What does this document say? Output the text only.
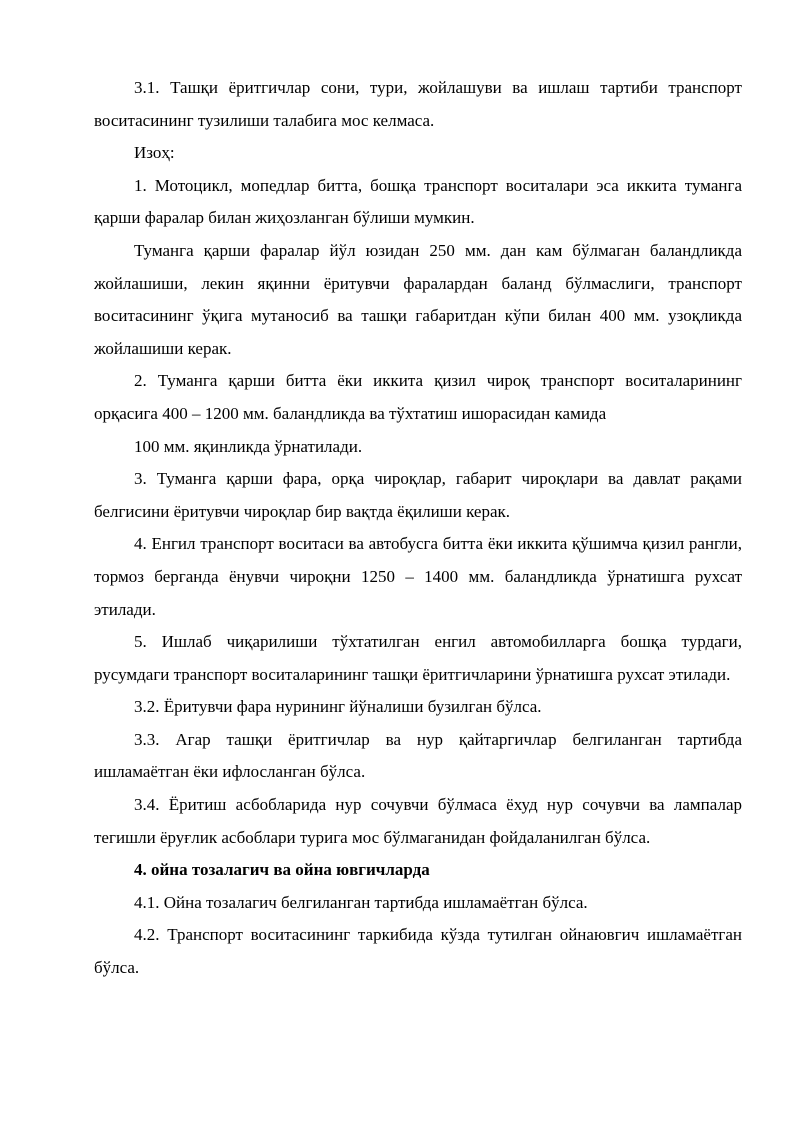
3.1. Ташқи ёритгичлар сони, тури, жойлашуви ва ишлаш тартиби транспорт воситасининг тузилиши талабига мос келмаса.

Изоҳ:

1. Мотоцикл, мопедлар битта, бошқа транспорт воситалари эса иккита туманга қарши фаралар билан жиҳозланган бўлиши мумкин.

Туманга қарши фаралар йўл юзидан 250 мм. дан кам бўлмаган баландликда жойлашиши, лекин яқинни ёритувчи фаралардан баланд бўлмаслиги, транспорт воситасининг ўқига мутаносиб ва ташқи габаритдан кўпи билан 400 мм. узоқликда жойлашиши керак.

2. Туманга қарши битта ёки иккита қизил чироқ транспорт воситаларининг орқасига 400 – 1200 мм. баландликда ва тўхтатиш ишорасидан камида

100 мм. яқинликда ўрнатилади.

3. Туманга қарши фара, орқа чироқлар, габарит чироқлари ва давлат рақами белгисини ёритувчи чироқлар бир вақтда ёқилиши керак.

4. Енгил транспорт воситаси ва автобусга битта ёки иккита қўшимча қизил рангли, тормоз берганда ёнувчи чироқни 1250 – 1400 мм. баландликда ўрнатишга рухсат этилади.

5. Ишлаб чиқарилиши тўхтатилган енгил автомобилларга бошқа турдаги, русумдаги транспорт воситаларининг ташқи ёритгичларини ўрнатишга рухсат этилади.

3.2. Ёритувчи фара нурининг йўналиши бузилган бўлса.

3.3. Агар ташқи ёритгичлар ва нур қайтаргичлар белгиланган тартибда ишламаётган ёки ифлосланган бўлса.

3.4. Ёритиш асбобларида нур сочувчи бўлмаса ёхуд нур сочувчи ва лампалар тегишли ёруғлик асбоблари турига мос бўлмаганидан фойдаланилган бўлса.

4. ойна тозалагич ва ойна ювгичларда

4.1. Ойна тозалагич белгиланган тартибда ишламаётган бўлса.

4.2. Транспорт воситасининг таркибида кўзда тутилган ойнаювгич ишламаётган бўлса.
